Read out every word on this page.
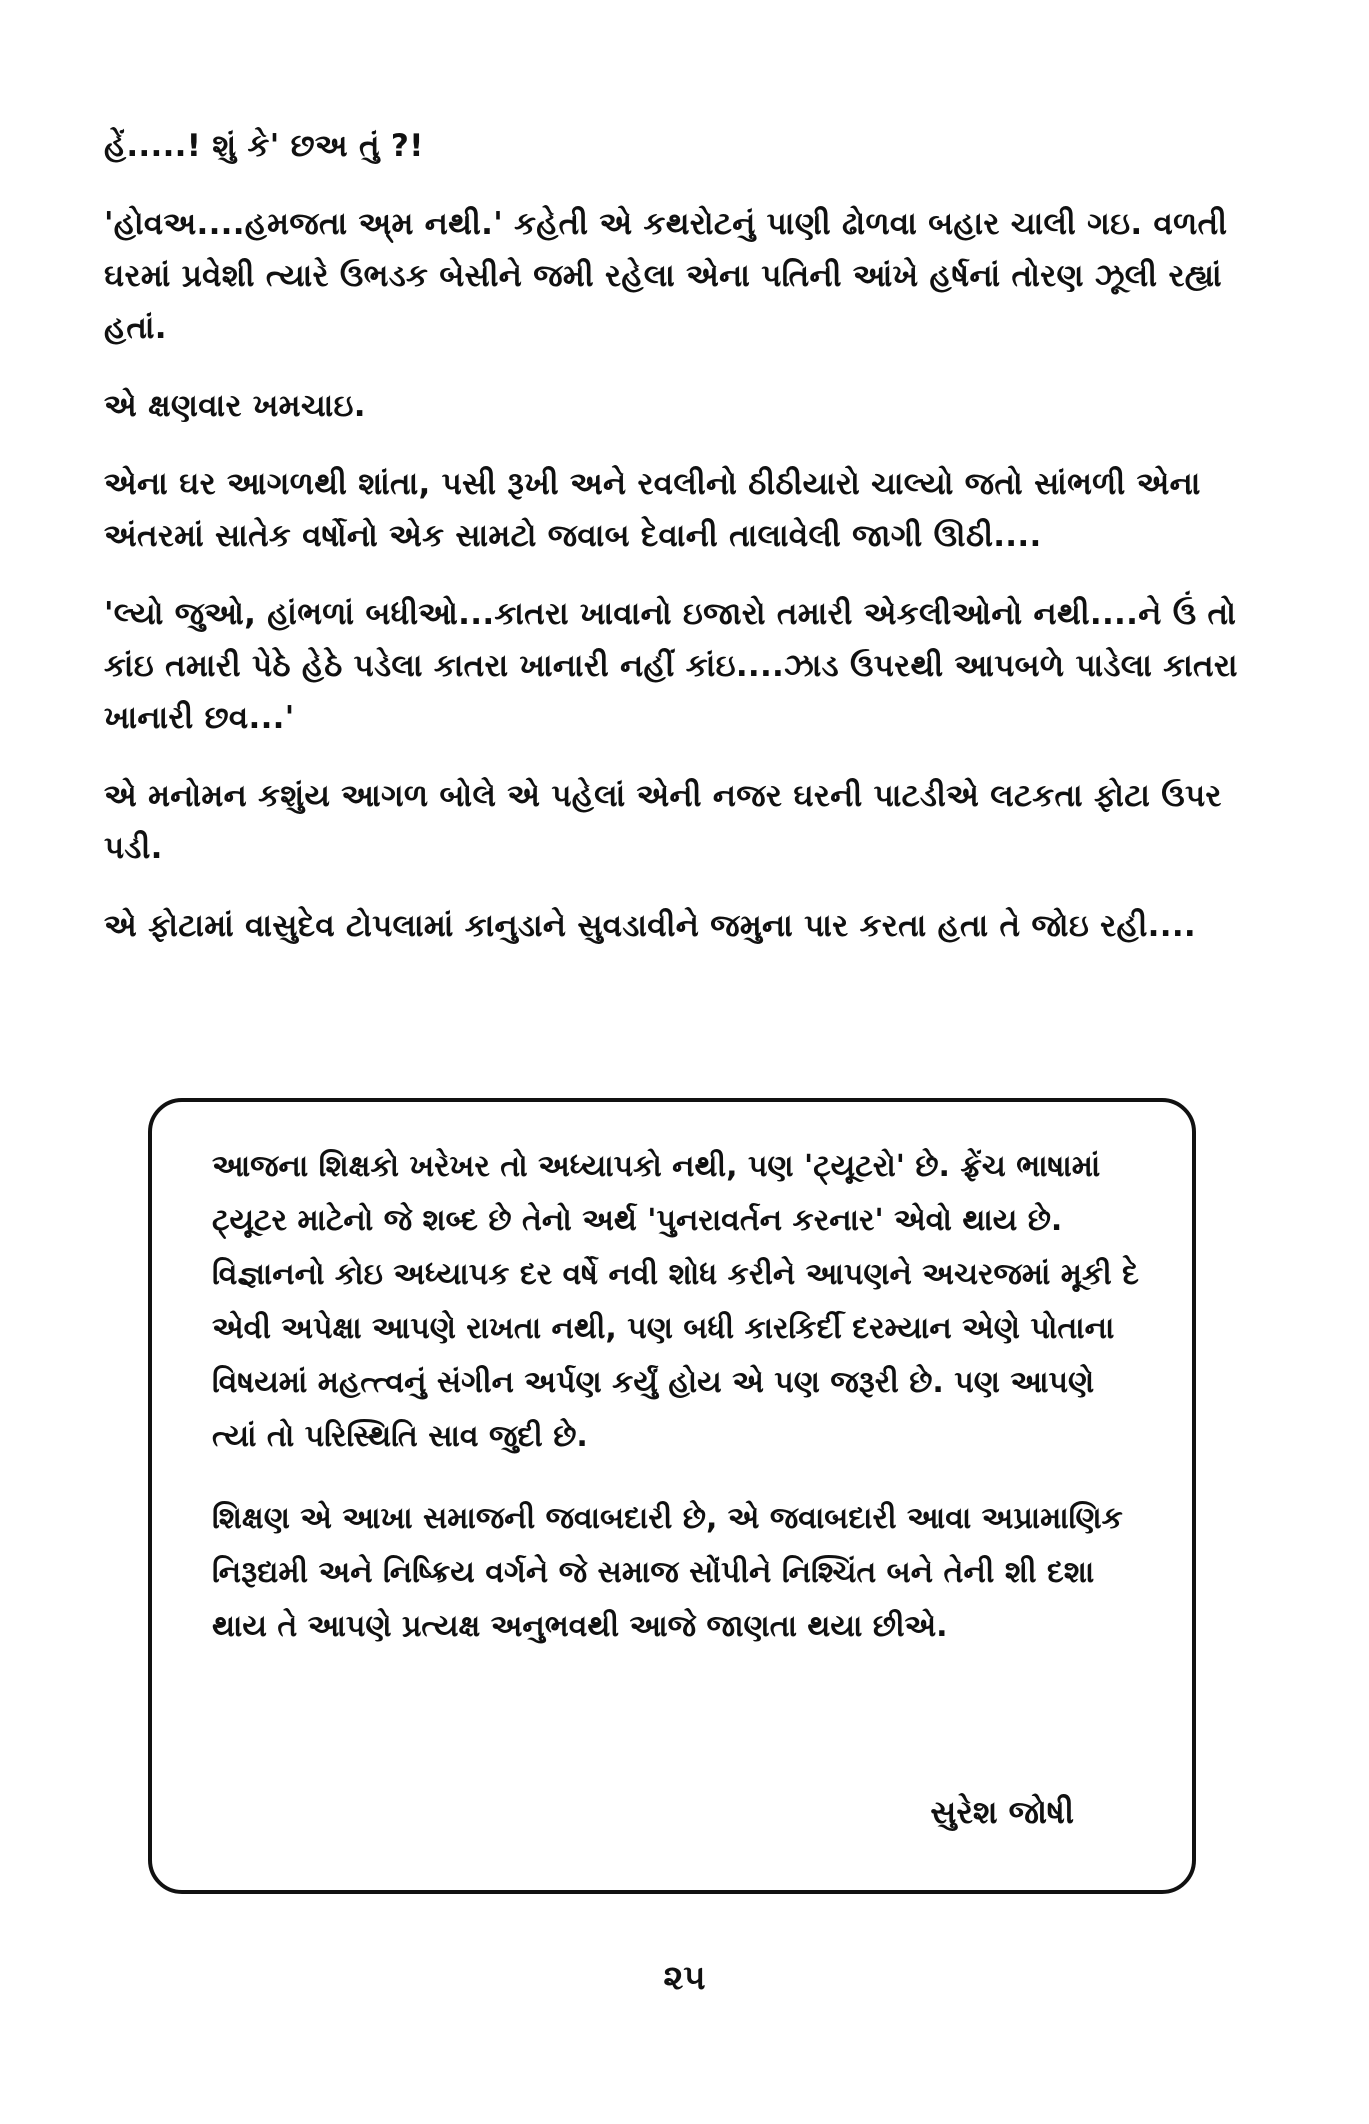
હેં.....! શું કે' છઅ તું ?!

'હોવઅ....હમજતા અ્મ નથી.' કહેતી એ કથરોટનું પાણી ઢોળવા બહાર ચાલી ગઇ. વળતી ઘરમાં પ્રવેશી ત્યારે ઉભડક બેસીને જમી રહેલા એના પતિની આંખે હર્ષનાં તોરણ ઝૂલી રહ્યાં હતાં.

એ ક્ષણવાર ખમચાઇ.

એના ઘર આગળથી શાંતા, પસી રૂખી અને રવલીનો ઠીઠીયારો ચાલ્યો જતો સાંભળી એના અંતરમાં સાતેક વર્ષોનો એક સામટો જવાબ દેવાની તાલાવેલી જાગી ઊઠી....

'લ્યો જુઓ, હાંભળાં બધીઓ...કાતરા ખાવાનો ઇજારો તમારી એકલીઓનો નથી....ને ઉં તો કાંઇ તમારી પેઠે હેઠે પડેલા કાતરા ખાનારી નહીં કાંઇ....ઝાડ ઉપરથી આપબળે પાડેલા કાતરા ખાનારી છવ...'

એ મનોમન કશુંય આગળ બોલે એ પહેલાં એની નજર ઘરની પાટડીએ લટકતા ફોટા ઉપર પડી.

એ ફોટામાં વાસુદેવ ટોપલામાં કાનુડાને સુવડાવીને જમુના પાર કરતા હતા તે જોઇ રહી....

આજના શિક્ષકો ખરેખર તો અધ્યાપકો નથી, પણ 'ટ્યૂટરો' છે. ફ્રેંચ ભાષામાં ટ્યૂટર માટેનો જે શબ્દ છે તેનો અર્થ 'પુનરાવર્તન કરનાર' એવો થાય છે. વિજ્ઞાનનો કોઇ અધ્યાપક દર વર્ષે નવી શોધ કરીને આપણને અચરજમાં મૂકી દે એવી અપેક્ષા આપણે રાખતા નથી, પણ બધી કારકિર્દી દરમ્યાન એણે પોતાના વિષયમાં મહત્ત્વનું સંગીન અર્પણ કર્યું હોય એ પણ જરૂરી છે. પણ આપણે ત્યાં તો પરિસ્થિતિ સાવ જુદી છે.

શિક્ષણ એ આખા સમાજની જવાબદારી છે, એ જવાબદારી આવા અપ્રામાણિક નિરૂદ્યમી અને નિષ્ક્રિય વર્ગને જે સમાજ સોંપીને નિશ્ચિંત બને તેની શી દશા થાય તે આપણે પ્રત્યક્ષ અનુભવથી આજે જાણતા થયા છીએ.

સુરેશ જોષી
૨૫
